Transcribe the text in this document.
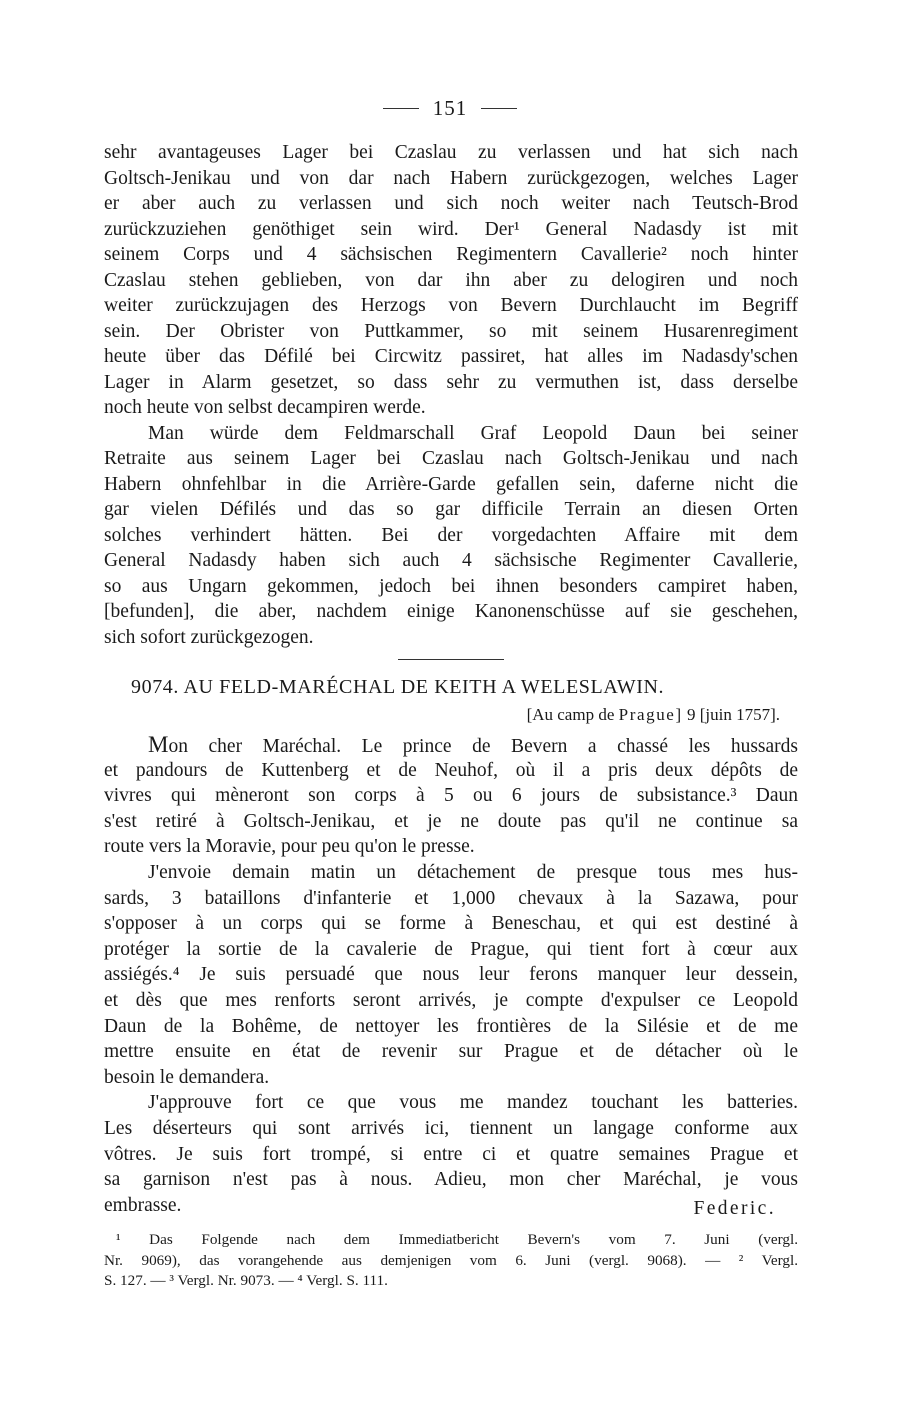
151
sehr avantageuses Lager bei Czaslau zu verlassen und hat sich nach
Goltsch-Jenikau und von dar nach Habern zurückgezogen, welches Lager
er aber auch zu verlassen und sich noch weiter nach Teutsch-Brod
zurückzuziehen genöthiget sein wird. Der¹ General Nadasdy ist mit
seinem Corps und 4 sächsischen Regimentern Cavallerie² noch hinter
Czaslau stehen geblieben, von dar ihn aber zu delogiren und noch
weiter zurückzujagen des Herzogs von Bevern Durchlaucht im Begriff
sein. Der Obrister von Puttkammer, so mit seinem Husarenregiment
heute über das Défilé bei Circwitz passiret, hat alles im Nadasdy'schen
Lager in Alarm gesetzet, so dass sehr zu vermuthen ist, dass derselbe
noch heute von selbst decampiren werde.
Man würde dem Feldmarschall Graf Leopold Daun bei seiner
Retraite aus seinem Lager bei Czaslau nach Goltsch-Jenikau und nach
Habern ohnfehlbar in die Arrière-Garde gefallen sein, daferne nicht die
gar vielen Défilés und das so gar difficile Terrain an diesen Orten
solches verhindert hätten. Bei der vorgedachten Affaire mit dem
General Nadasdy haben sich auch 4 sächsische Regimenter Cavallerie,
so aus Ungarn gekommen, jedoch bei ihnen besonders campiret haben,
[befunden], die aber, nachdem einige Kanonenschüsse auf sie geschehen,
sich sofort zurückgezogen.
9074. AU FELD-MARÉCHAL DE KEITH A WELESLAWIN.
[Au camp de Prague] 9 [juin 1757].
Mon cher Maréchal. Le prince de Bevern a chassé les hussards
et pandours de Kuttenberg et de Neuhof, où il a pris deux dépôts de
vivres qui mèneront son corps à 5 ou 6 jours de subsistance.³ Daun
s'est retiré à Goltsch-Jenikau, et je ne doute pas qu'il ne continue sa
route vers la Moravie, pour peu qu'on le presse.
J'envoie demain matin un détachement de presque tous mes hus-
sards, 3 bataillons d'infanterie et 1,000 chevaux à la Sazawa, pour
s'opposer à un corps qui se forme à Beneschau, et qui est destiné à
protéger la sortie de la cavalerie de Prague, qui tient fort à cœur aux
assiégés.⁴ Je suis persuadé que nous leur ferons manquer leur dessein,
et dès que mes renforts seront arrivés, je compte d'expulser ce Leopold
Daun de la Bohême, de nettoyer les frontières de la Silésie et de me
mettre ensuite en état de revenir sur Prague et de détacher où le
besoin le demandera.
J'approuve fort ce que vous me mandez touchant les batteries.
Les déserteurs qui sont arrivés ici, tiennent un langage conforme aux
vôtres. Je suis fort trompé, si entre ci et quatre semaines Prague et
sa garnison n'est pas à nous. Adieu, mon cher Maréchal, je vous
embrasse.	Federic.
¹ Das Folgende nach dem Immediatbericht Bevern's vom 7. Juni (vergl.
Nr. 9069), das vorangehende aus demjenigen vom 6. Juni (vergl. 9068). — ² Vergl.
S. 127. — ³ Vergl. Nr. 9073. — ⁴ Vergl. S. 111.
